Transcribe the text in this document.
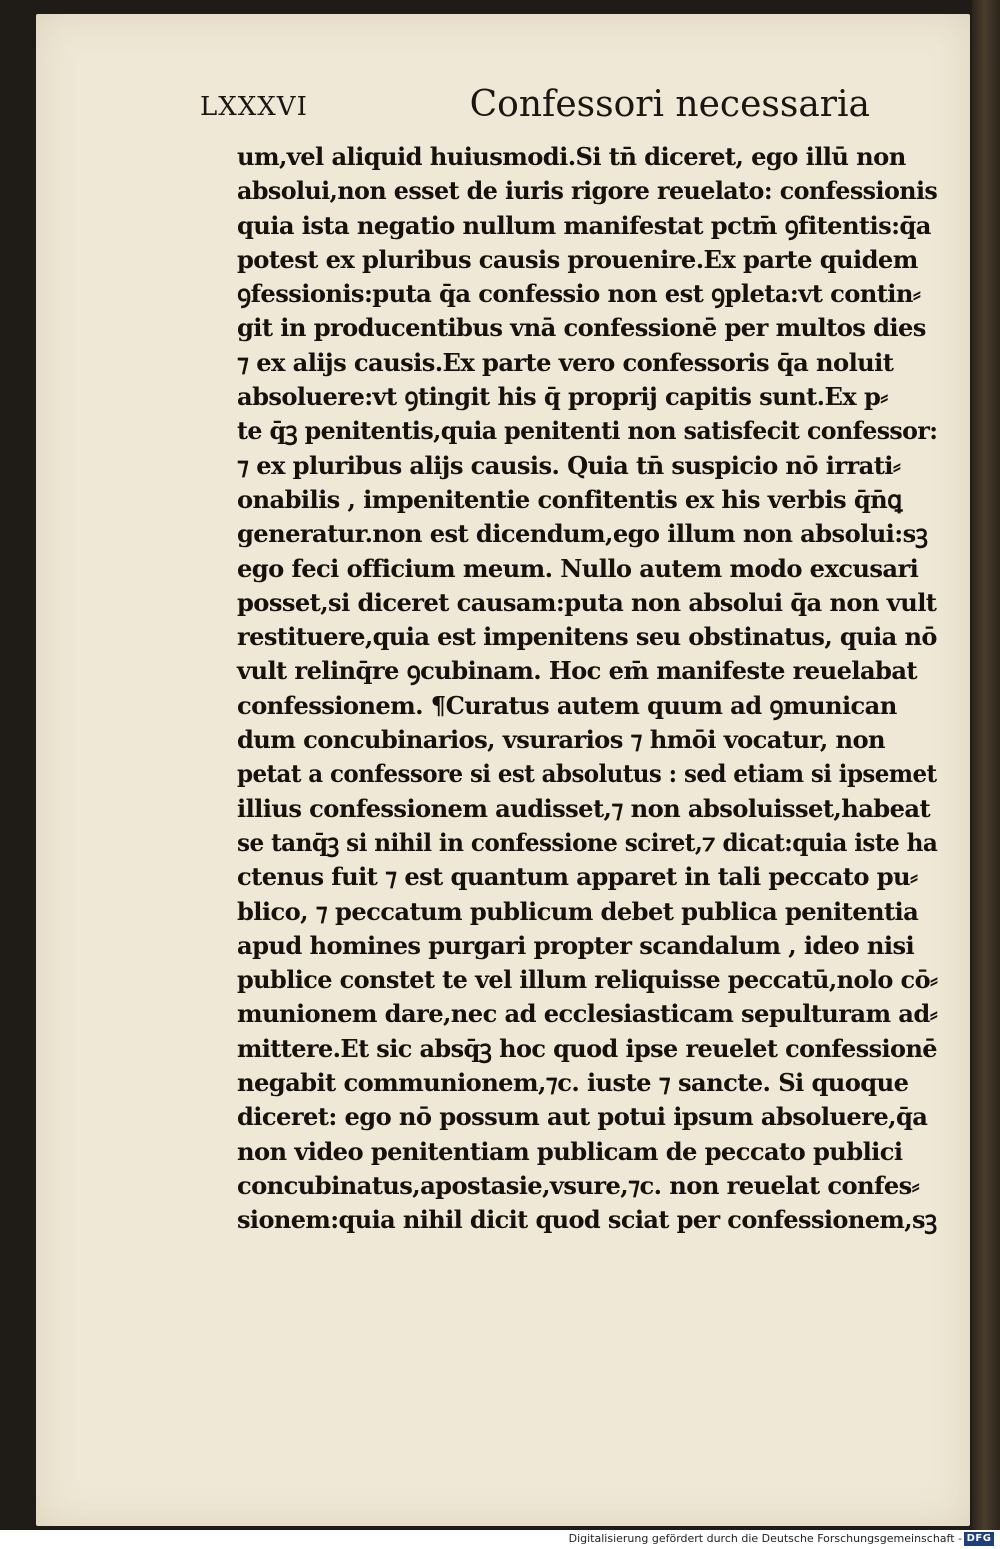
LXXXVI	Confessori necessaria
um,vel aliquid huiusmodi.Si tn̄ diceret, ego illū non
absolui,non esset de iuris rigore reuelato: confessionis
quia ista negatio nullum manifestat pctm̄ ꝯfitentis:q̄a
potest ex pluribus causis prouenire.Ex parte quidem
ꝯfessionis:puta q̄a confessio non est ꝯpleta:vt contin⸗
git in producentibus vnā confessionē per multos dies
⁊ ex alijs causis.Ex parte vero confessoris q̄a noluit
absoluere:vt ꝯtingit his q̄ proprij capitis sunt.Ex p⸗
te q̄ꝫ penitentis,quia penitenti non satisfecit confessor:
⁊ ex pluribus alijs causis. Quia tn̄ suspicio nō irrati⸗
onabilis , impenitentie confitentis ex his verbis q̄n̄ꝗ
generatur.non est dicendum,ego illum non absolui:sꝫ
ego feci officium meum. Nullo autem modo excusari
posset,si diceret causam:puta non absolui q̄a non vult
restituere,quia est impenitens seu obstinatus, quia nō
vult relinq̄re ꝯcubinam. Hoc em̄ manifeste reuelabat
confessionem. ¶Curatus autem quum ad ꝯmunican
dum concubinarios, vsurarios ⁊ hmōi vocatur, non
petat a confessore si est absolutus : sed etiam si ipsemet
illius confessionem audisset,⁊ non absoluisset,habeat
se tanq̄ꝫ si nihil in confessione sciret,⁊ dicat:quia iste ha
ctenus fuit ⁊ est quantum apparet in tali peccato pu⸗
blico, ⁊ peccatum publicum debet publica penitentia
apud homines purgari propter scandalum , ideo nisi
publice constet te vel illum reliquisse peccatū,nolo cō⸗
munionem dare,nec ad ecclesiasticam sepulturam ad⸗
mittere.Et sic absq̄ꝫ hoc quod ipse reuelet confessionē
negabit communionem,⁊c. iuste ⁊ sancte. Si quoque
diceret: ego nō possum aut potui ipsum absoluere,q̄a
non video penitentiam publicam de peccato publici
concubinatus,apostasie,vsure,⁊c. non reuelat confes⸗
sionem:quia nihil dicit quod sciat per confessionem,sꝫ
Digitalisierung gefördert durch die Deutsche Forschungsgemeinschaft - DFG
